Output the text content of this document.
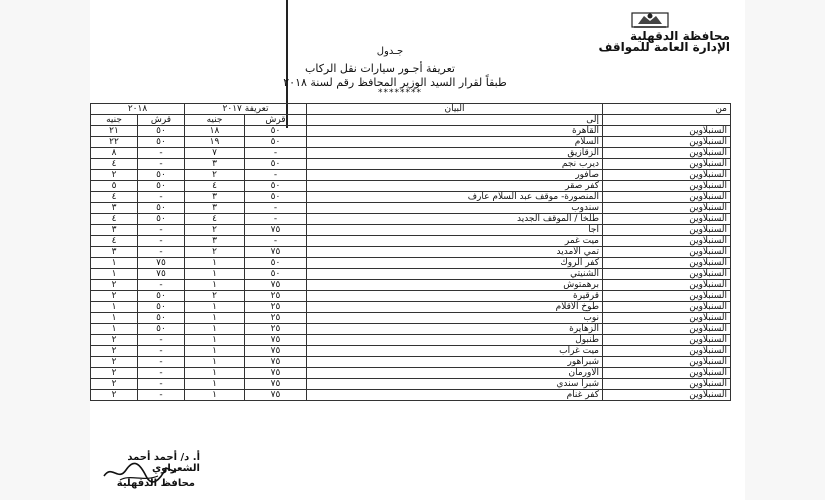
محافظة الدقهلية
الإدارة العامة للمواقف
جـدول
تعريفة أجـور سيارات نقل الركاب
طبقاً لقرار السيد الوزير المحافظ رقم لسنة ٢٠١٨
********
٢٠١٨		تعريفة ٢٠١٧		البيان	من
جنيه	قرش	جنيه	قرش	إلى	
٢١	٥٠	١٨	٥٠	القاهرة	السنبلاوين
٢٢	٥٠	١٩	٥٠	السلام	السنبلاوين
٨	-	٧	-	الزقازيق	السنبلاوين
٤	-	٣	٥٠	ديرب نجم	السنبلاوين
٢	٥٠	٢	-	صافور	السنبلاوين
٥	٥٠	٤	٥٠	كفر صقر	السنبلاوين
٤	-	٣	٥٠	المنصورة- موقف عبد السلام عارف	السنبلاوين
٣	٥٠	٣	-	سندوب	السنبلاوين
٤	٥٠	٤	-	طلخا / الموقف الجديد	السنبلاوين
٣	-	٢	٧٥	أجا	السنبلاوين
٤	-	٣	-	ميت غمر	السنبلاوين
٣	-	٢	٧٥	تمي الأمديد	السنبلاوين
١	٧٥	١	٥٠	كفر الروك	السنبلاوين
١	٧٥	١	٥٠	الشنيتي	السنبلاوين
٢	-	١	٧٥	برهمتوش	السنبلاوين
٢	٥٠	٢	٢٥	قرقيرة	السنبلاوين
١	٥٠	١	٢٥	طوخ الأقلام	السنبلاوين
١	٥٠	١	٢٥	نوب	السنبلاوين
١	٥٠	١	٢٥	الزهايرة	السنبلاوين
٢	-	١	٧٥	طنبول	السنبلاوين
٢	-	١	٧٥	ميت غراب	السنبلاوين
٢	-	١	٧٥	شبراهور	السنبلاوين
٢	-	١	٧٥	الأورمان	السنبلاوين
٢	-	١	٧٥	شبرا سندي	السنبلاوين
٢	-	١	٧٥	كفر غنام	السنبلاوين
أ. د/ أحمد أحمد الشعراوي
محافظ الدقهلية
